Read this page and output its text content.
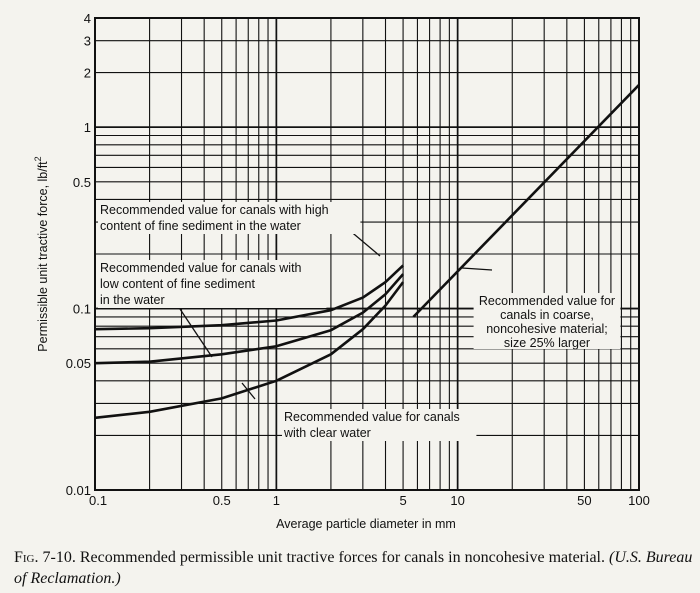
0.1	0.5	1	5	10	50	100
0.01
0.05
0.1
0.5
1
2
3
4
Recommended value for canals with high
content of fine sediment in the water
Recommended value for canals with
low content of fine sediment
in the water
Recommended value for canals
with clear water
Recommended value for
canals in coarse,
noncohesive material;
size 25% larger
Average particle diameter in mm
Permissible unit tractive force, $lb/ft^2$
Fig. 7-10. Recommended permissible unit tractive forces for canals in noncohesive material. (U.S. Bureau of Reclamation.)
